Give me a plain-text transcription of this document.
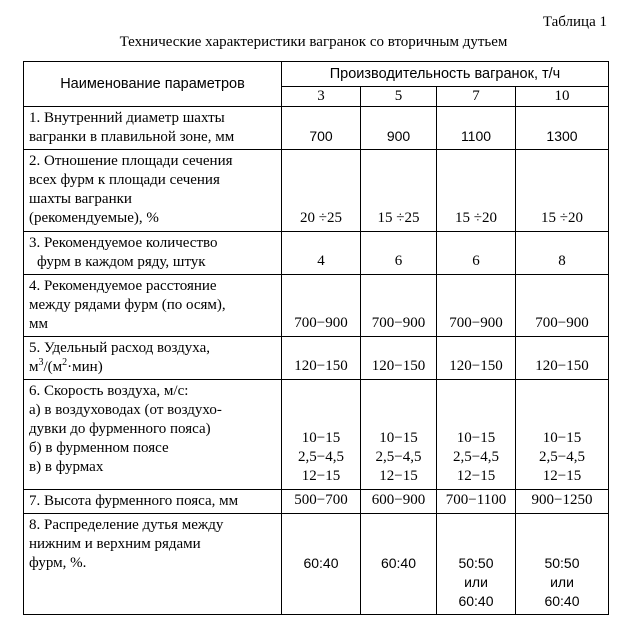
Таблица 1
Технические характеристики вагранок со вторичным дутьем
Наименование параметров	Производительность вагранок, т/ч			
	3	5	7	10

1. Внутренний диаметр шахты
вагранки в плавильной зоне, мм	700	900	1100	1300

2. Отношение площади сечения
всех фурм к площади сечения
шахты вагранки
(рекомендуемые), %	20 ÷25	15 ÷25	15 ÷20	15 ÷20

3. Рекомендуемое количество
фурм в каждом ряду, штук	4	6	6	8

4. Рекомендуемое расстояние
между рядами фурм (по осям),
мм	700−900	700−900	700−900	700−900

5. Удельный расход воздуха,
$м^3/(м^2\cdot мин)$	120−150	120−150	120−150	120−150

6. Скорость воздуха, м/с:
а) в воздуховодах (от воздухо-
дувки до фурменного пояса)
б) в фурменном поясе
в) в фурмах	10−15
2,5−4,5
12−15	10−15
2,5−4,5
12−15	10−15
2,5−4,5
12−15	10−15
2,5−4,5
12−15

7. Высота фурменного пояса, мм	500−700	600−900	700−1100	900−1250

8. Распределение дутья между
нижним и верхним рядами
фурм, %.	60:40	60:40	50:50
или
60:40	50:50
или
60:40
